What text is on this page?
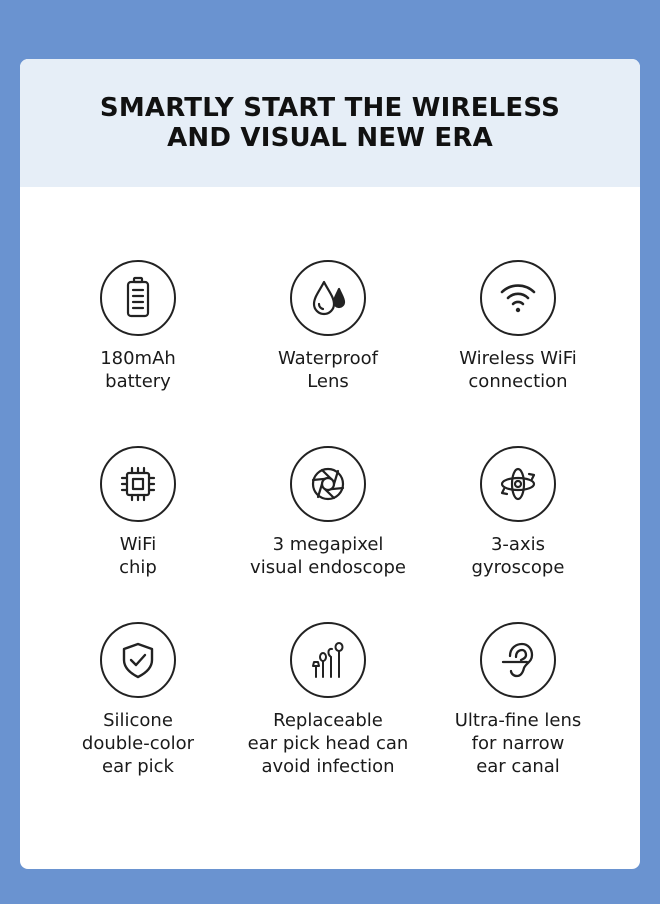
SMARTLY START THE WIRELESS
AND VISUAL NEW ERA
180mAh
battery
Waterproof
Lens
Wireless WiFi
connection
WiFi
chip
3 megapixel
visual endoscope
3-axis
gyroscope
Silicone
double-color
ear pick
Replaceable
ear pick head can
avoid infection
Ultra-fine lens
for narrow
ear canal
